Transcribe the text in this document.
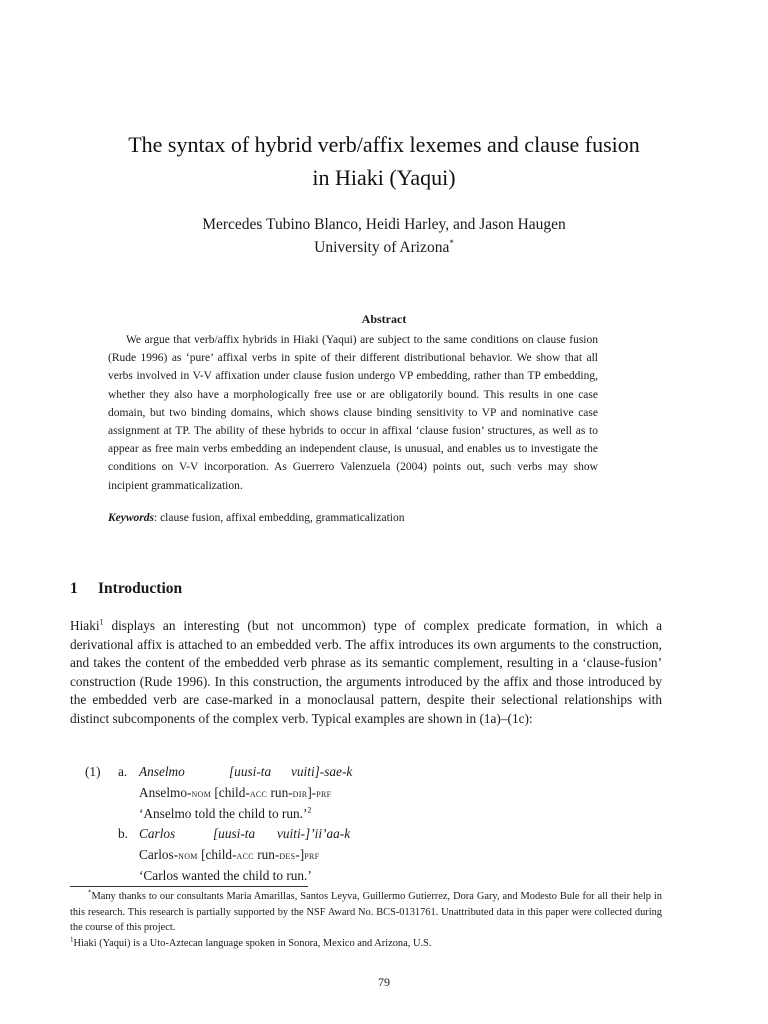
The syntax of hybrid verb/affix lexemes and clause fusion
in Hiaki (Yaqui)
Mercedes Tubino Blanco, Heidi Harley, and Jason Haugen
University of Arizona*
Abstract
We argue that verb/affix hybrids in Hiaki (Yaqui) are subject to the same conditions on clause fusion (Rude 1996) as ‘pure’ affixal verbs in spite of their different distributional behavior. We show that all verbs involved in V-V affixation under clause fusion undergo VP embedding, rather than TP embedding, whether they also have a morphologically free use or are obligatorily bound. This results in one case domain, but two binding domains, which shows clause binding sensitivity to VP and nominative case assignment at TP. The ability of these hybrids to occur in affixal ‘clause fusion’ structures, as well as to appear as free main verbs embedding an independent clause, is unusual, and enables us to investigate the conditions on V-V incorporation. As Guerrero Valenzuela (2004) points out, such verbs may show incipient grammaticalization.
Keywords: clause fusion, affixal embedding, grammaticalization
1 Introduction
Hiaki$^1$ displays an interesting (but not uncommon) type of complex predicate formation, in which a derivational affix is attached to an embedded verb. The affix introduces its own arguments to the construction, and takes the content of the embedded verb phrase as its semantic complement, resulting in a ‘clause-fusion’ construction (Rude 1996). In this construction, the arguments introduced by the affix and those introduced by the embedded verb are case-marked in a monoclausal pattern, despite their selectional relationships with distinct subcomponents of the complex verb. Typical examples are shown in (1a)–(1c):
(1) a. Anselmo	[uusi-ta vuiti]-sae-k
Anselmo-nom [child-acc run-dir]-prf
‘Anselmo told the child to run.’$^2$
b. Carlos	[uusi-ta vuiti-]’ii’aa-k
Carlos-nom [child-acc run-des-]prf
‘Carlos wanted the child to run.’

*Many thanks to our consultants Maria Amarillas, Santos Leyva, Guillermo Gutierrez, Dora Gary, and Modesto Bule for all their help in this research. This research is partially supported by the NSF Award No. BCS-0131761. Unattributed data in this paper were collected during the course of this project.

$^1$Hiaki (Yaqui) is a Uto-Aztecan language spoken in Sonora, Mexico and Arizona, U.S.

79
